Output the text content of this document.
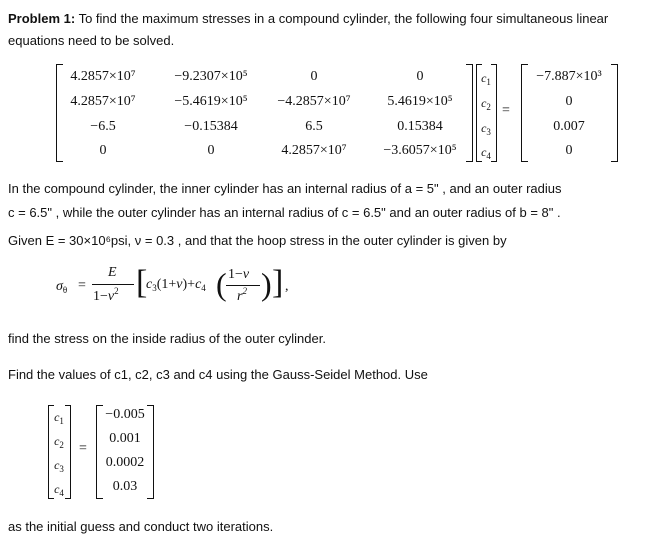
Problem 1: To find the maximum stresses in a compound cylinder, the following four simultaneous linear
equations need to be solved.
4.2857×10⁷	−9.2307×10⁵	0	0
4.2857×10⁷	−5.4619×10⁵ −4.2857×10⁷	5.4619×10⁵
−6.5	−0.15384	6.5	0.15384
0	0	4.2857×10⁷	−3.6057×10⁵
$c_1$
$c_2$
$c_3$
$c_4$
=
−7.887×10³
0
0.007
0
In the compound cylinder, the inner cylinder has an internal radius of a = 5" , and an outer radius
c = 6.5" , while the outer cylinder has an internal radius of c = 6.5" and an outer radius of b = 8" .
Given E = 30×10⁶psi, ν = 0.3 , and that the hoop stress in the outer cylinder is given by
$\sigma_\theta$ =
E
$1-\nu^2$ [
$c_3(1+\nu)+c_4$ ( 1−ν
$r^2$ ) ] ,
find the stress on the inside radius of the outer cylinder.
Find the values of c1, c2, c3 and c4 using the Gauss-Seidel Method. Use
$c_1$
$c_2$
$c_3$
$c_4$
=
−0.005
0.001
0.0002
0.03
as the initial guess and conduct two iterations.
